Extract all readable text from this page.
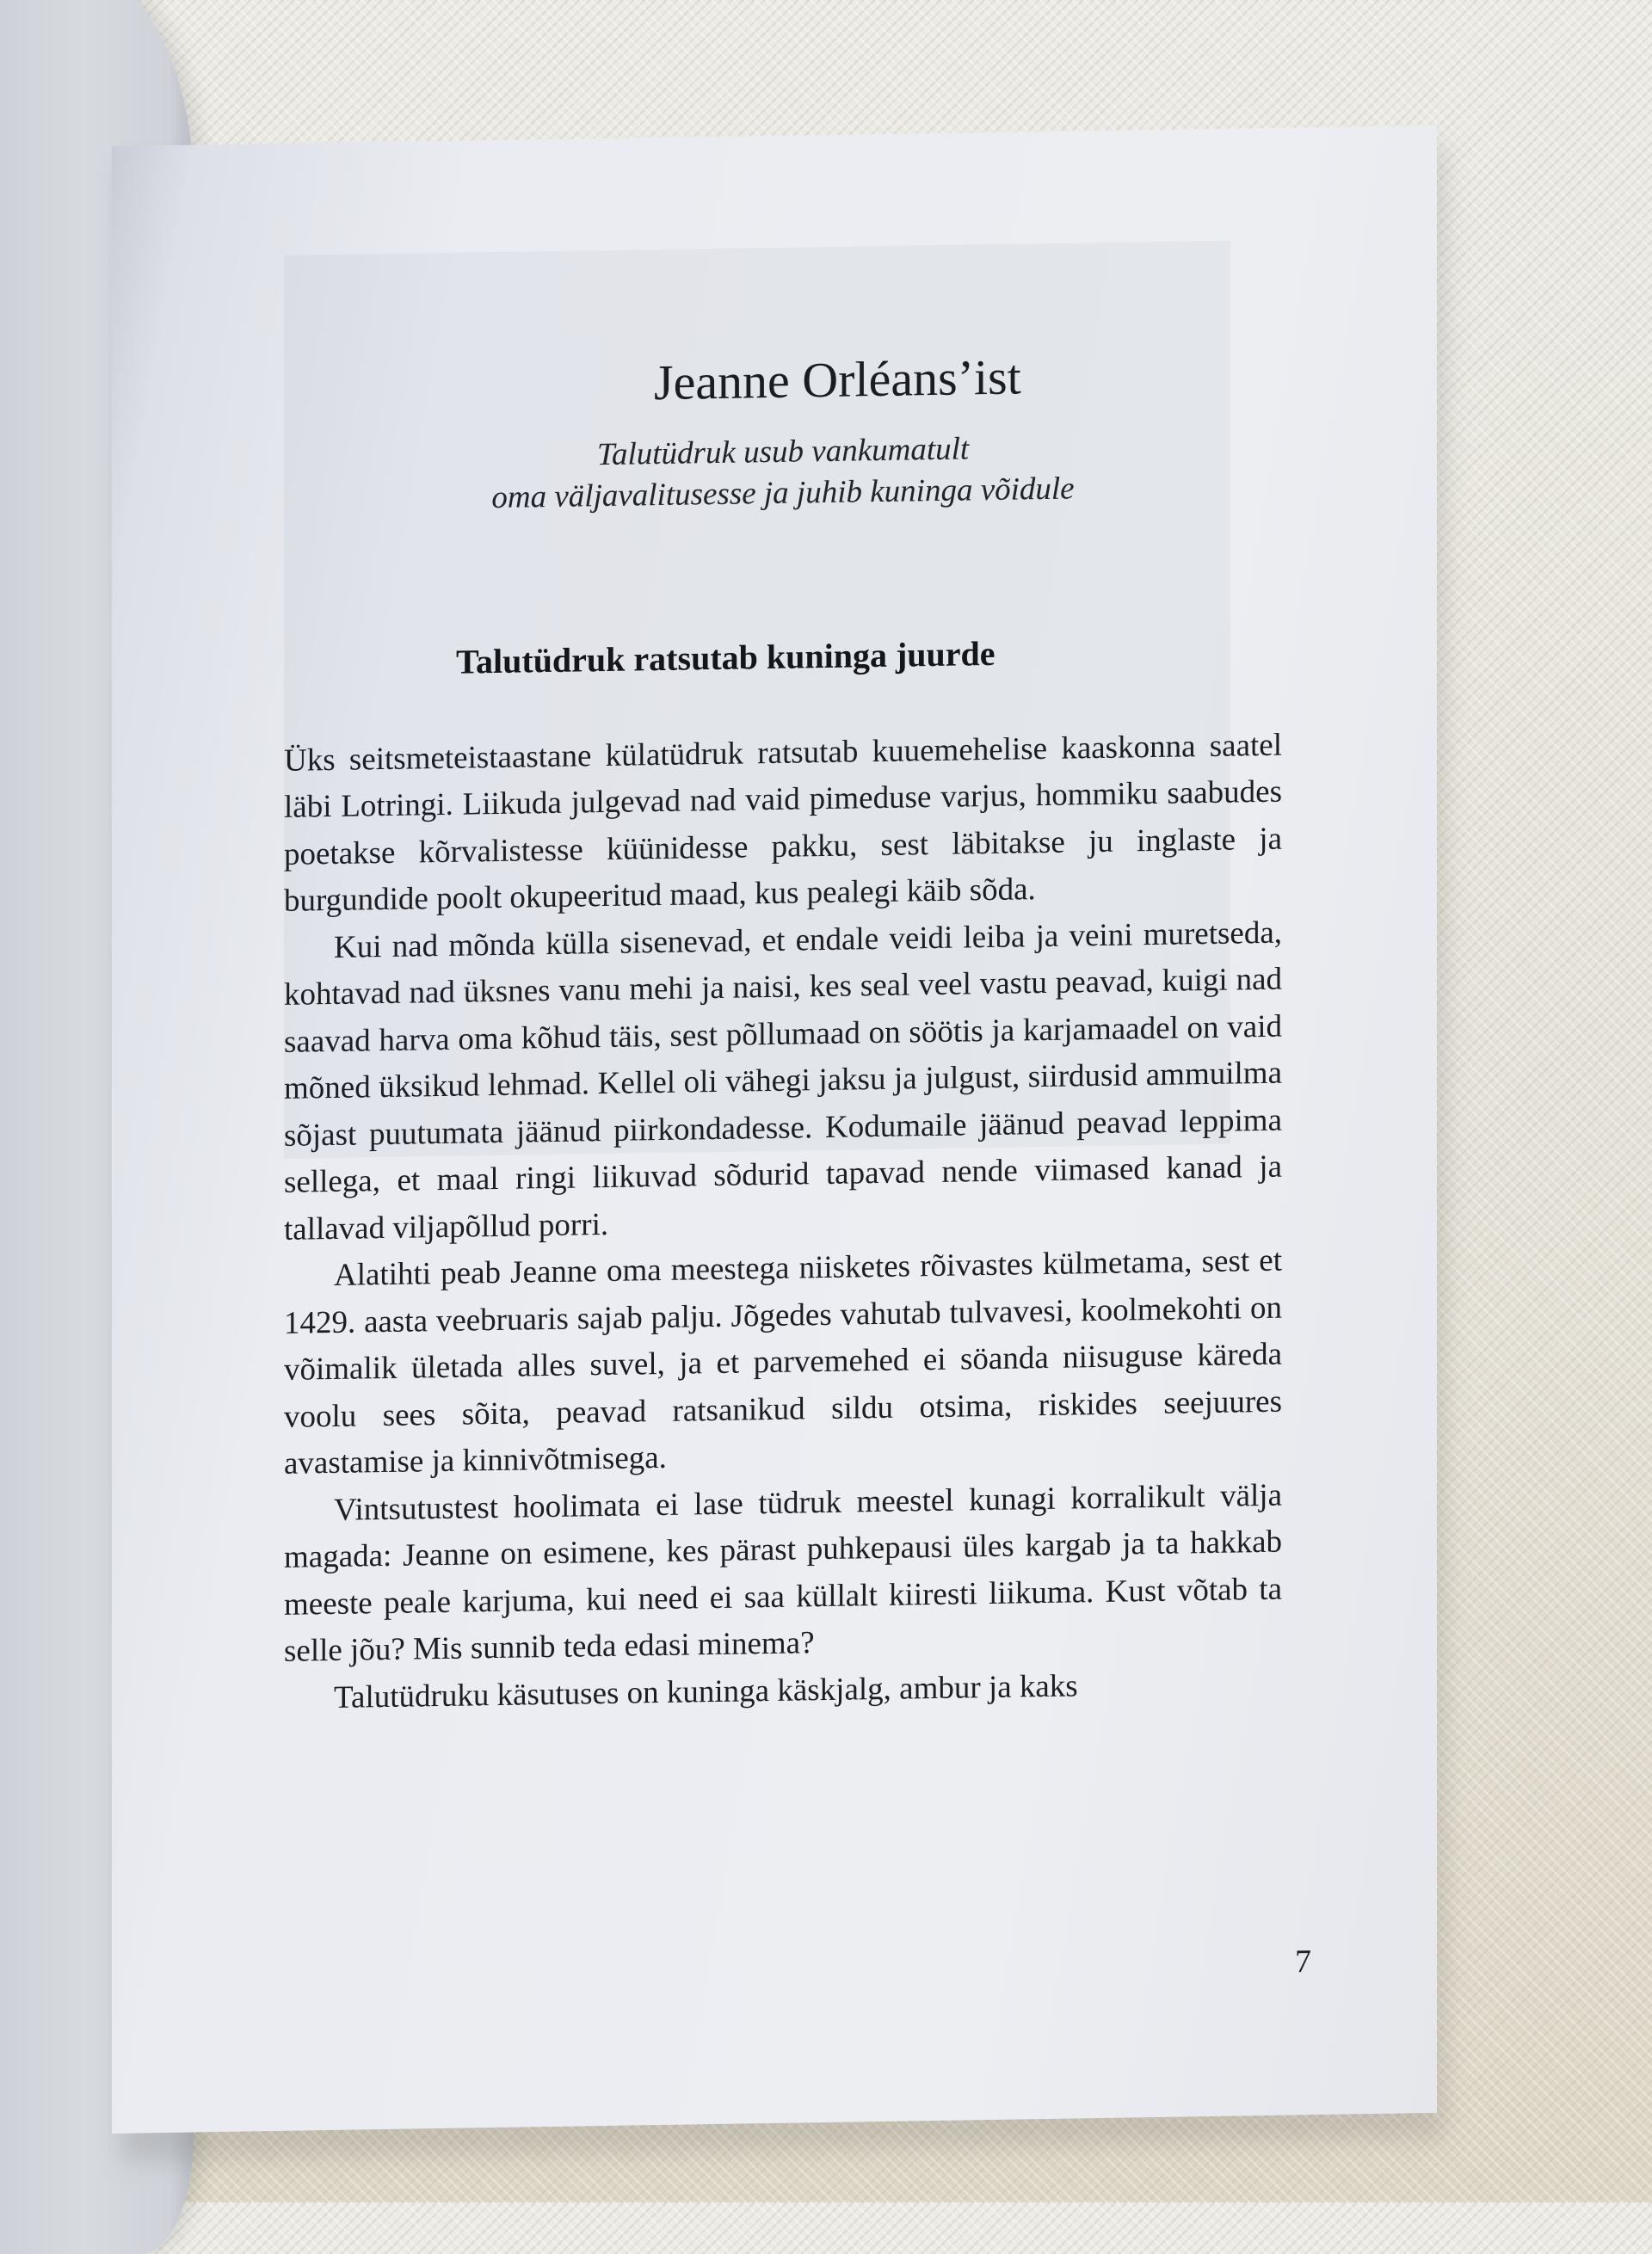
Jeanne Orléans’ist

Talutüdruk usub vankumatult
oma väljavalitusesse ja juhib kuninga võidule

Talutüdruk ratsutab kuninga juurde

Üks seitsmeteistaastane külatüdruk ratsutab kuuemehelise kaaskonna saatel läbi Lotringi. Liikuda julgevad nad vaid pimeduse varjus, hommiku saabudes poetakse kõrvalistesse küünidesse pakku, sest läbitakse ju inglaste ja burgundide poolt okupeeritud maad, kus pealegi käib sõda.

Kui nad mõnda külla sisenevad, et endale veidi leiba ja veini muretseda, kohtavad nad üksnes vanu mehi ja naisi, kes seal veel vastu peavad, kuigi nad saavad harva oma kõhud täis, sest põllumaad on söötis ja karjamaadel on vaid mõned üksikud lehmad. Kellel oli vähegi jaksu ja julgust, siirdusid ammuilma sõjast puutumata jäänud piirkondadesse. Kodumaile jäänud peavad leppima sellega, et maal ringi liikuvad sõdurid tapavad nende viimased kanad ja tallavad viljapõllud porri.

Alatihti peab Jeanne oma meestega niisketes rõivastes külmetama, sest et 1429. aasta veebruaris sajab palju. Jõgedes vahutab tulvavesi, koolmekohti on võimalik ületada alles suvel, ja et parvemehed ei söanda niisuguse käreda voolu sees sõita, peavad ratsanikud sildu otsima, riskides seejuures avastamise ja kinnivõtmisega.

Vintsutustest hoolimata ei lase tüdruk meestel kunagi korralikult välja magada: Jeanne on esimene, kes pärast puhkepausi üles kargab ja ta hakkab meeste peale karjuma, kui need ei saa küllalt kiiresti liikuma. Kust võtab ta selle jõu? Mis sunnib teda edasi minema?

Talutüdruku käsutuses on kuninga käskjalg, ambur ja kaks

7
